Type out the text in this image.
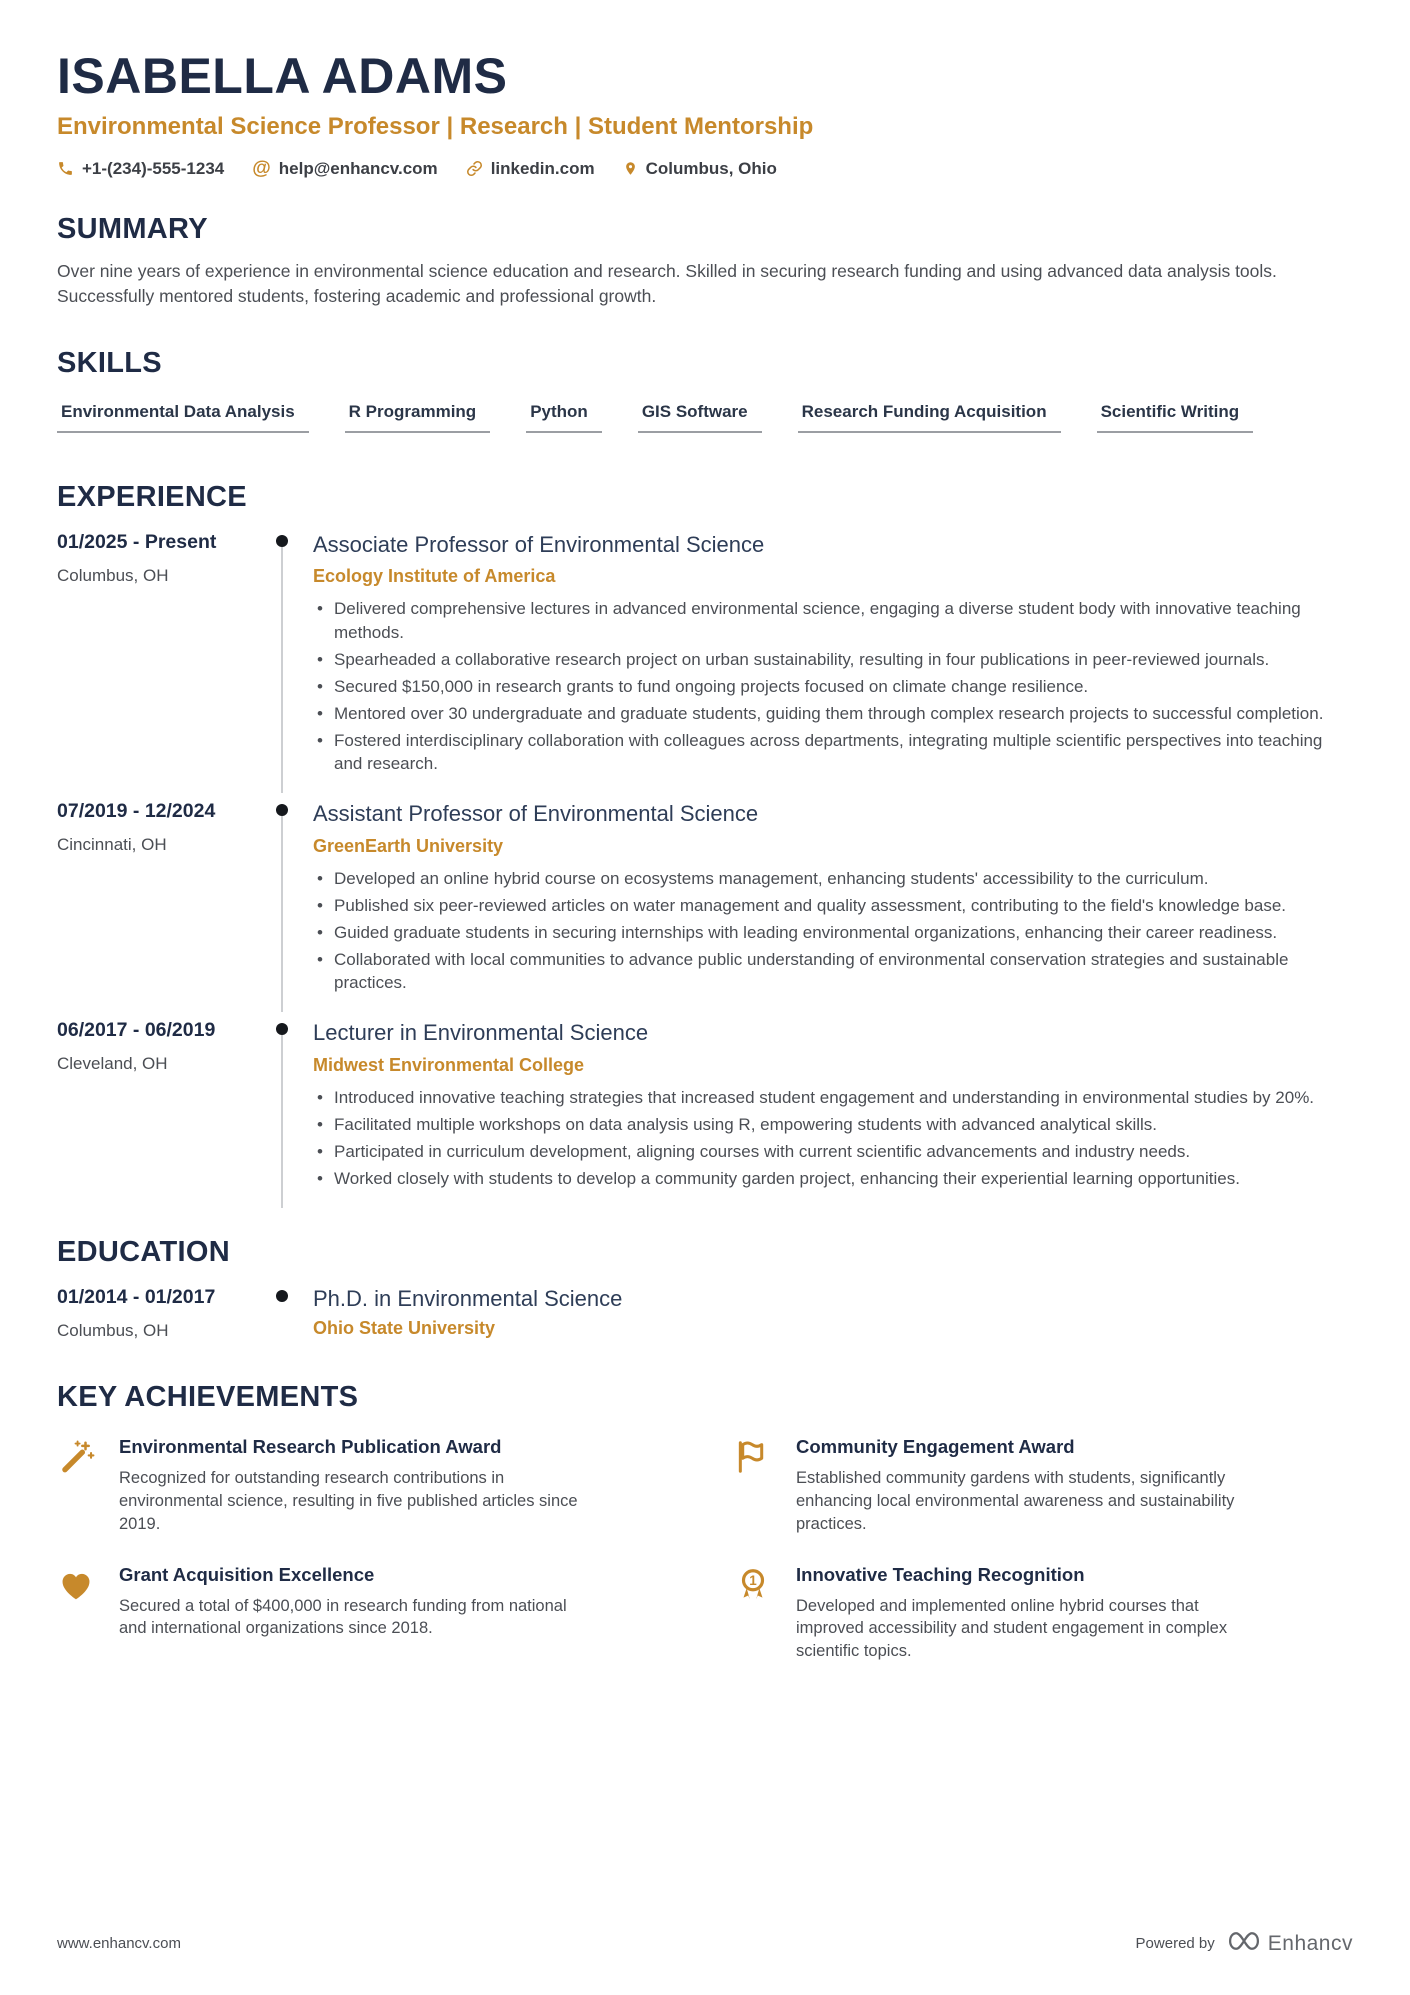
ISABELLA ADAMS
Environmental Science Professor | Research | Student Mentorship
+1-(234)-555-1234 @ help@enhancv.com	linkedin.com	Columbus, Ohio
SUMMARY

Over nine years of experience in environmental science education and research. Skilled in securing research funding and using advanced data analysis tools. Successfully mentored students, fostering academic and professional growth.

SKILLS
Environmental Data Analysis	R Programming	Python	GIS Software	Research Funding Acquisition	Scientific Writing
EXPERIENCE
01/2025 - Present
Columbus, OH
Associate Professor of Environmental Science
Ecology Institute of America
• Delivered comprehensive lectures in advanced environmental science, engaging a diverse student body with innovative teaching methods.
• Spearheaded a collaborative research project on urban sustainability, resulting in four publications in peer-reviewed journals.
• Secured $150,000 in research grants to fund ongoing projects focused on climate change resilience.
• Mentored over 30 undergraduate and graduate students, guiding them through complex research projects to successful completion.
• Fostered interdisciplinary collaboration with colleagues across departments, integrating multiple scientific perspectives into teaching and research.
07/2019 - 12/2024
Cincinnati, OH
Assistant Professor of Environmental Science
GreenEarth University
• Developed an online hybrid course on ecosystems management, enhancing students' accessibility to the curriculum.
• Published six peer-reviewed articles on water management and quality assessment, contributing to the field's knowledge base.
• Guided graduate students in securing internships with leading environmental organizations, enhancing their career readiness.
• Collaborated with local communities to advance public understanding of environmental conservation strategies and sustainable practices.
06/2017 - 06/2019
Cleveland, OH
Lecturer in Environmental Science
Midwest Environmental College
• Introduced innovative teaching strategies that increased student engagement and understanding in environmental studies by 20%.
• Facilitated multiple workshops on data analysis using R, empowering students with advanced analytical skills.
• Participated in curriculum development, aligning courses with current scientific advancements and industry needs.
• Worked closely with students to develop a community garden project, enhancing their experiential learning opportunities.
EDUCATION
01/2014 - 01/2017
Columbus, OH
Ph.D. in Environmental Science
Ohio State University
KEY ACHIEVEMENTS
Environmental Research Publication Award
Recognized for outstanding research contributions in environmental science, resulting in five published articles since 2019.
Community Engagement Award
Established community gardens with students, significantly enhancing local environmental awareness and sustainability practices.
Grant Acquisition Excellence
Secured a total of $400,000 in research funding from national and international organizations since 2018.
1 Innovative Teaching Recognition
Developed and implemented online hybrid courses that improved accessibility and student engagement in complex scientific topics.
www.enhancv.com	Powered by	Enhancv
